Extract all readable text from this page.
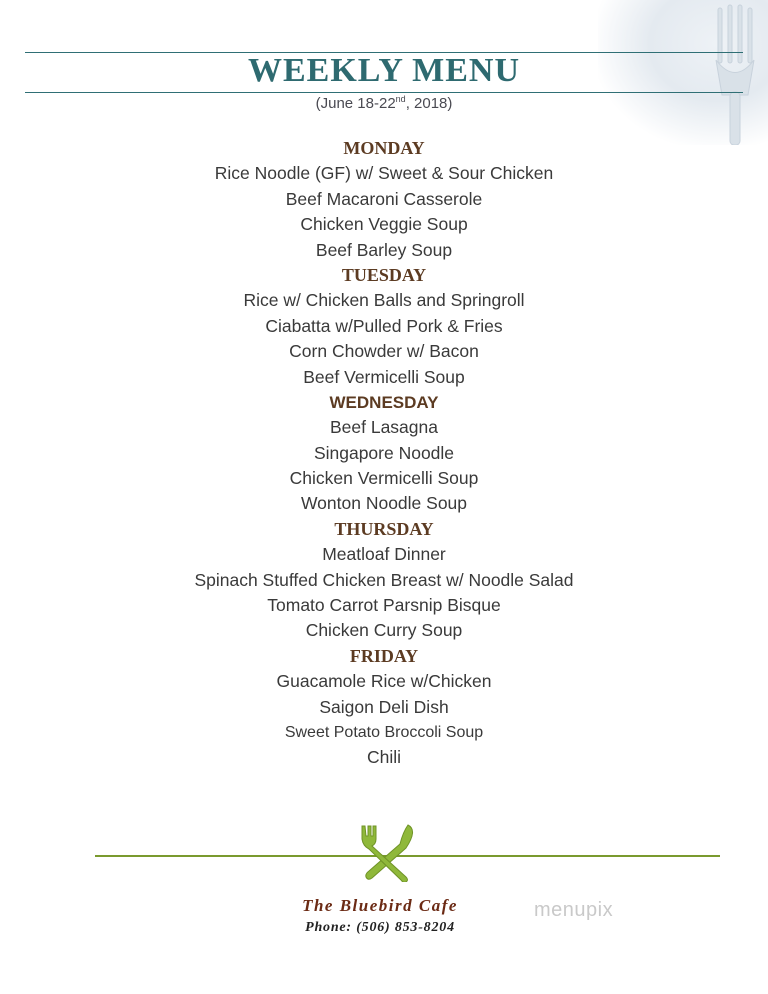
WEEKLY MENU
(June 18-22nd, 2018)
MONDAY
Rice Noodle (GF) w/ Sweet & Sour Chicken
Beef Macaroni Casserole
Chicken Veggie Soup
Beef Barley Soup
TUESDAY
Rice w/ Chicken Balls and Springroll
Ciabatta w/Pulled Pork & Fries
Corn Chowder w/ Bacon
Beef Vermicelli Soup
WEDNESDAY
Beef Lasagna
Singapore Noodle
Chicken Vermicelli Soup
Wonton Noodle Soup
THURSDAY
Meatloaf Dinner
Spinach Stuffed Chicken Breast w/ Noodle Salad
Tomato Carrot Parsnip Bisque
Chicken Curry Soup
FRIDAY
Guacamole Rice w/Chicken
Saigon Deli Dish
Sweet Potato Broccoli Soup
Chili
The Bluebird Cafe
Phone: (506) 853-8204
menupix
